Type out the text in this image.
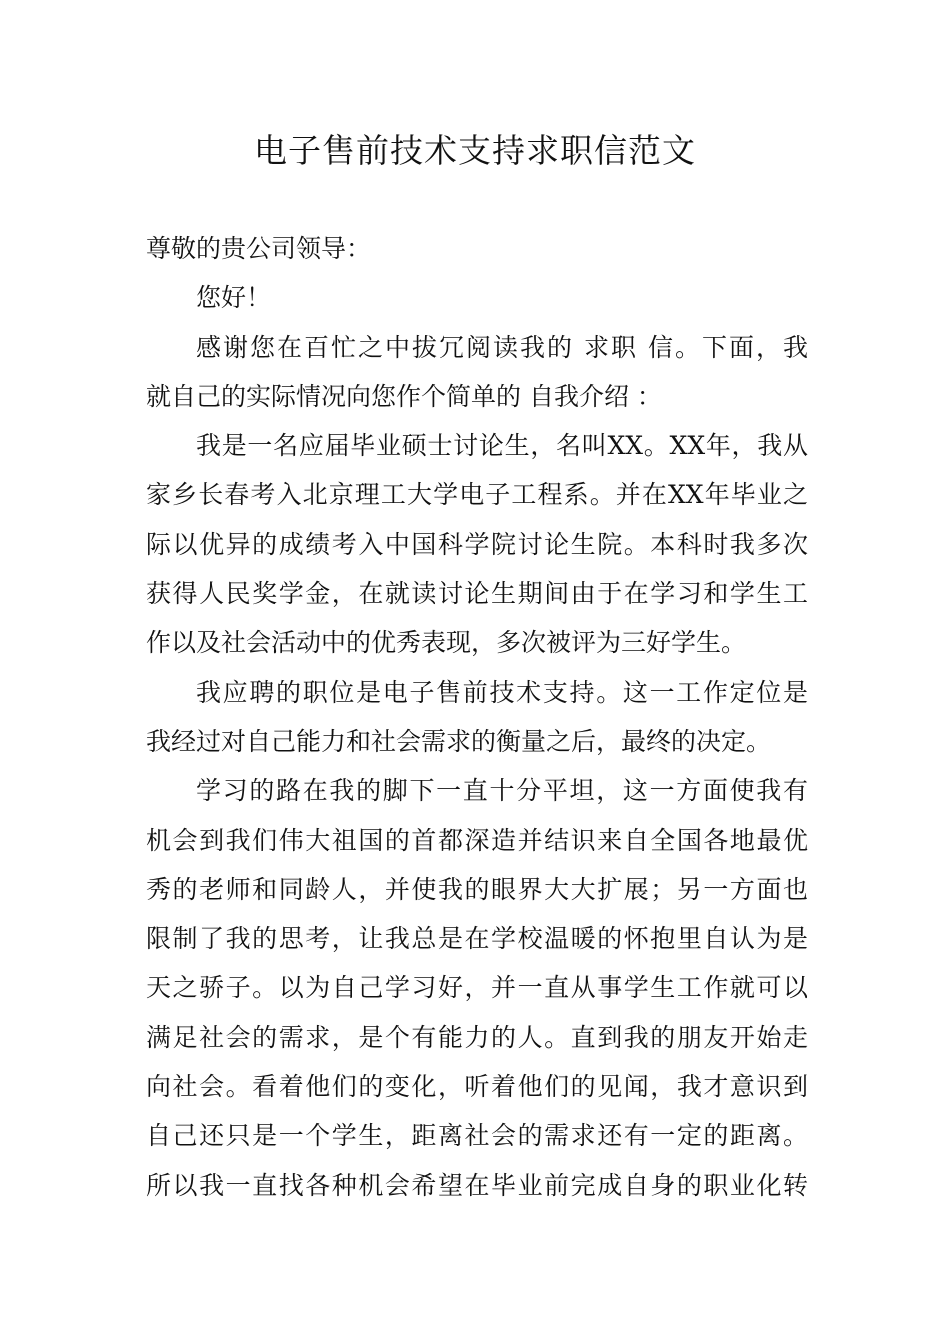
电子售前技术支持求职信范文
尊敬的贵公司领导：
您好！
感谢您在百忙之中拔冗阅读我的 求职 信。下面，我
就自己的实际情况向您作个简单的 自我介绍 ：
我是一名应届毕业硕士讨论生，名叫XX。XX年，我从
家乡长春考入北京理工大学电子工程系。并在XX年毕业之
际以优异的成绩考入中国科学院讨论生院。本科时我多次
获得人民奖学金，在就读讨论生期间由于在学习和学生工
作以及社会活动中的优秀表现，多次被评为三好学生。
我应聘的职位是电子售前技术支持。这一工作定位是
我经过对自己能力和社会需求的衡量之后，最终的决定。
学习的路在我的脚下一直十分平坦，这一方面使我有
机会到我们伟大祖国的首都深造并结识来自全国各地最优
秀的老师和同龄人，并使我的眼界大大扩展；另一方面也
限制了我的思考，让我总是在学校温暖的怀抱里自认为是
天之骄子。以为自己学习好，并一直从事学生工作就可以
满足社会的需求，是个有能力的人。直到我的朋友开始走
向社会。看着他们的变化，听着他们的见闻，我才意识到
自己还只是一个学生，距离社会的需求还有一定的距离。
所以我一直找各种机会希望在毕业前完成自身的职业化转
